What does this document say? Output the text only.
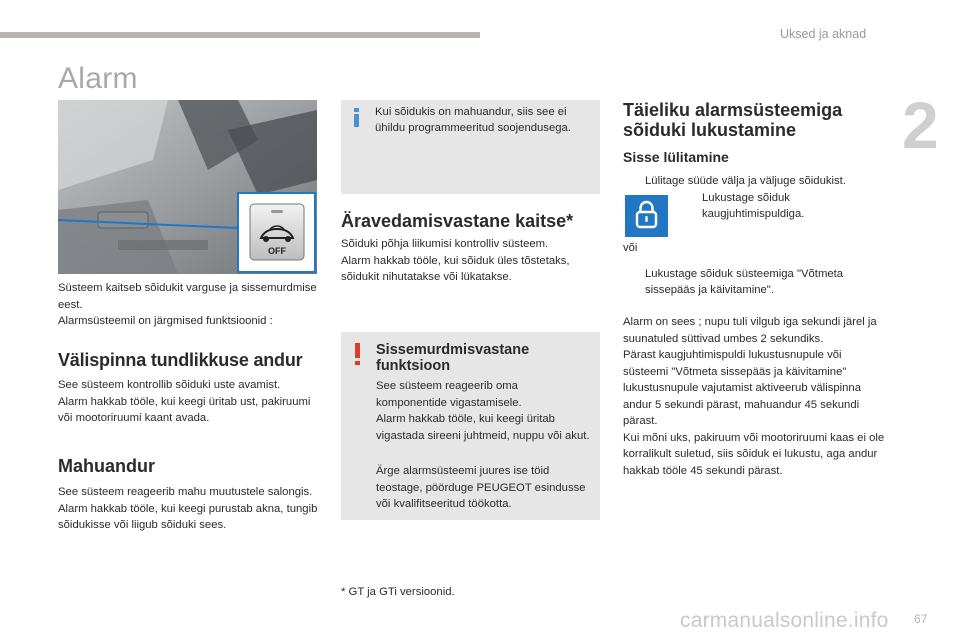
Uksed ja aknad
2
Alarm
OFF

Süsteem kaitseb sõidukit varguse ja sissemurdmise eest.
Alarmsüsteemil on järgmised funktsioonid :

Välispinna tundlikkuse andur

See süsteem kontrollib sõiduki uste avamist.
Alarm hakkab tööle, kui keegi üritab ust, pakiruumi või mootoriruumi kaant avada.

Mahuandur

See süsteem reageerib mahu muutustele salongis.
Alarm hakkab tööle, kui keegi purustab akna, tungib sõidukisse või liigub sõiduki sees.

Kui sõidukis on mahuandur, siis see ei ühildu programmeeritud soojendusega.

Äravedamisvastane kaitse*

Sõiduki põhja liikumisi kontrolliv süsteem.
Alarm hakkab tööle, kui sõiduk üles tõstetaks, sõidukit nihutatakse või lükatakse.

Sissemurdmisvastane funktsioon

See süsteem reageerib oma komponentide vigastamisele.
Alarm hakkab tööle, kui keegi üritab vigastada sireeni juhtmeid, nuppu või akut.

Ärge alarmsüsteemi juures ise töid teostage, pöörduge PEUGEOT esindusse või kvalifitseeritud töökotta.

* GT ja GTi versioonid.

Täieliku alarmsüsteemiga sõiduki lukustamine
Sisse lülitamine
Lülitage süüde välja ja väljuge sõidukist.
Lukustage sõiduk kaugjuhtimispuldiga.

või

Lukustage sõiduk süsteemiga "Võtmeta sissepääs ja käivitamine".

Alarm on sees ; nupu tuli vilgub iga sekundi järel ja suunatuled süttivad umbes 2 sekundiks.
Pärast kaugjuhtimispuldi lukustusnupule või süsteemi "Võtmeta sissepääs ja käivitamine" lukustusnupule vajutamist aktiveerub välispinna andur 5 sekundi pärast, mahuandur 45 sekundi pärast.
Kui mõni uks, pakiruum või mootoriruumi kaas ei ole korralikult suletud, siis sõiduk ei lukustu, aga andur hakkab tööle 45 sekundi pärast.

carmanualsonline.info 67
